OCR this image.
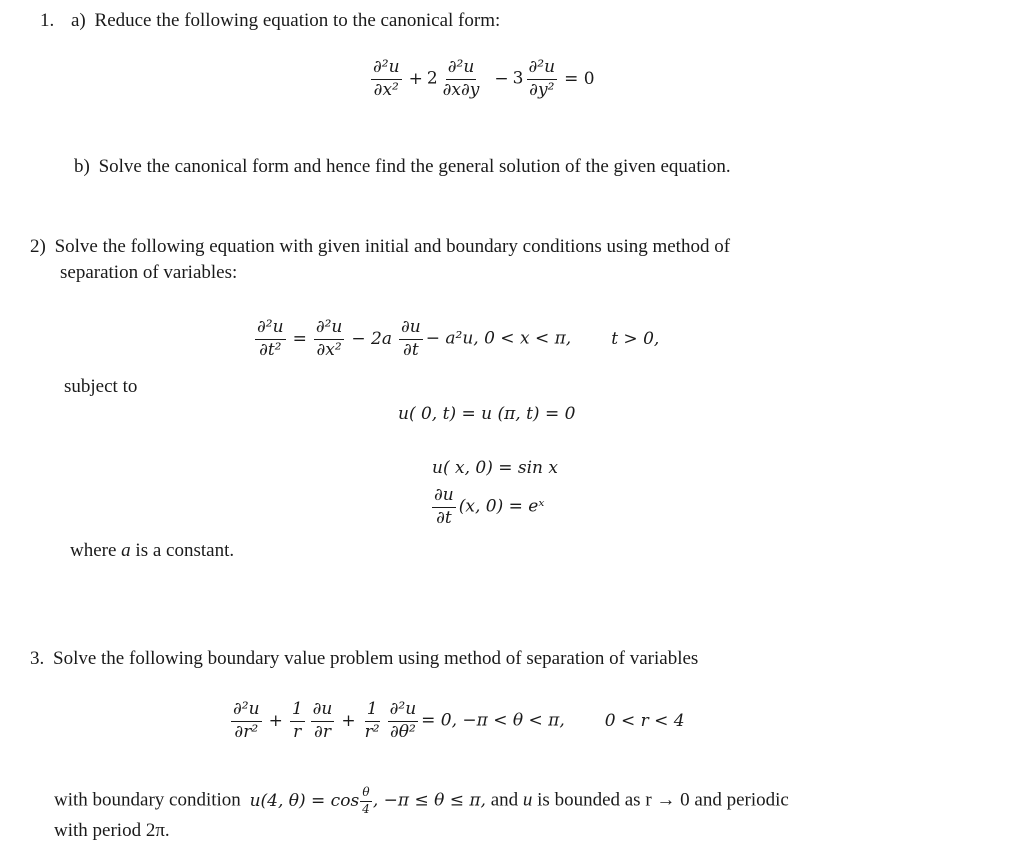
1. a) Reduce the following equation to the canonical form:
$\frac{\text{∂²u}}{\text{∂x²}} + 2 \frac{\text{∂²u}}{\partial x\partial y} - 3 \frac{\text{∂²u}}{\text{∂y²}} = 0$
b) Solve the canonical form and hence find the general solution of the given equation.
2) Solve the following equation with given initial and boundary conditions using method of
separation of variables:
$\frac{\text{∂²u}}{\text{∂t²}} = \frac{\text{∂²u}}{\text{∂x²}} - 2a \frac{\partial u}{\partial t} - a^2u$, 0 < x < π, t > 0,
subject to
u( 0, t) = u (π, t) = 0
u( x, 0) = sin x
$\frac{\partial u}{\partial t} (x$, 0) = eˣ
where a is a constant.
3. Solve the following boundary value problem using method of separation of variables
$\frac{\text{∂²u}}{\text{∂r²}} + \frac{1}{r} \frac{\partial u}{\partial r} + \frac{1}{\text{r²}} \frac{\text{∂²u}}{\text{∂θ²}} = 0$, −π < θ < π, 0 < r < 4
with boundary condition u(4, $\theta) = \cos \frac{\theta}{4}$ , −π ≤ θ ≤ π, and u is bounded as r → 0 and periodic
with period 2π.
